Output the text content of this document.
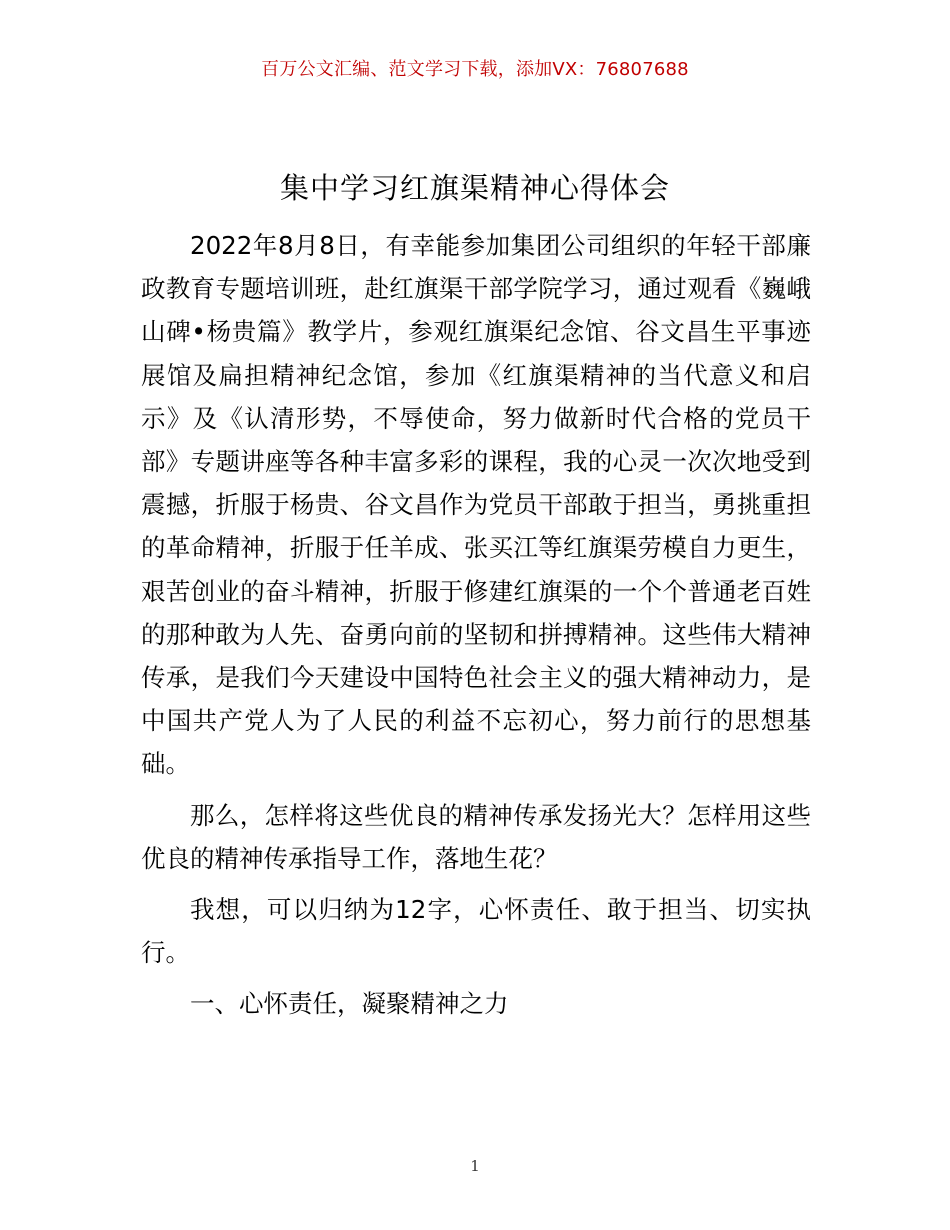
百万公文汇编、范文学习下载，添加VX：76807688
集中学习红旗渠精神心得体会

2022年8月8日，有幸能参加集团公司组织的年轻干部廉政教育专题培训班，赴红旗渠干部学院学习，通过观看《巍峨山碑•杨贵篇》教学片，参观红旗渠纪念馆、谷文昌生平事迹展馆及扁担精神纪念馆，参加《红旗渠精神的当代意义和启示》及《认清形势，不辱使命，努力做新时代合格的党员干部》专题讲座等各种丰富多彩的课程，我的心灵一次次地受到震撼，折服于杨贵、谷文昌作为党员干部敢于担当，勇挑重担的革命精神，折服于任羊成、张买江等红旗渠劳模自力更生，艰苦创业的奋斗精神，折服于修建红旗渠的一个个普通老百姓的那种敢为人先、奋勇向前的坚韧和拼搏精神。这些伟大精神传承，是我们今天建设中国特色社会主义的强大精神动力，是中国共产党人为了人民的利益不忘初心，努力前行的思想基础。

那么，怎样将这些优良的精神传承发扬光大？怎样用这些优良的精神传承指导工作，落地生花？

我想，可以归纳为12字，心怀责任、敢于担当、切实执行。

一、心怀责任，凝聚精神之力

1
